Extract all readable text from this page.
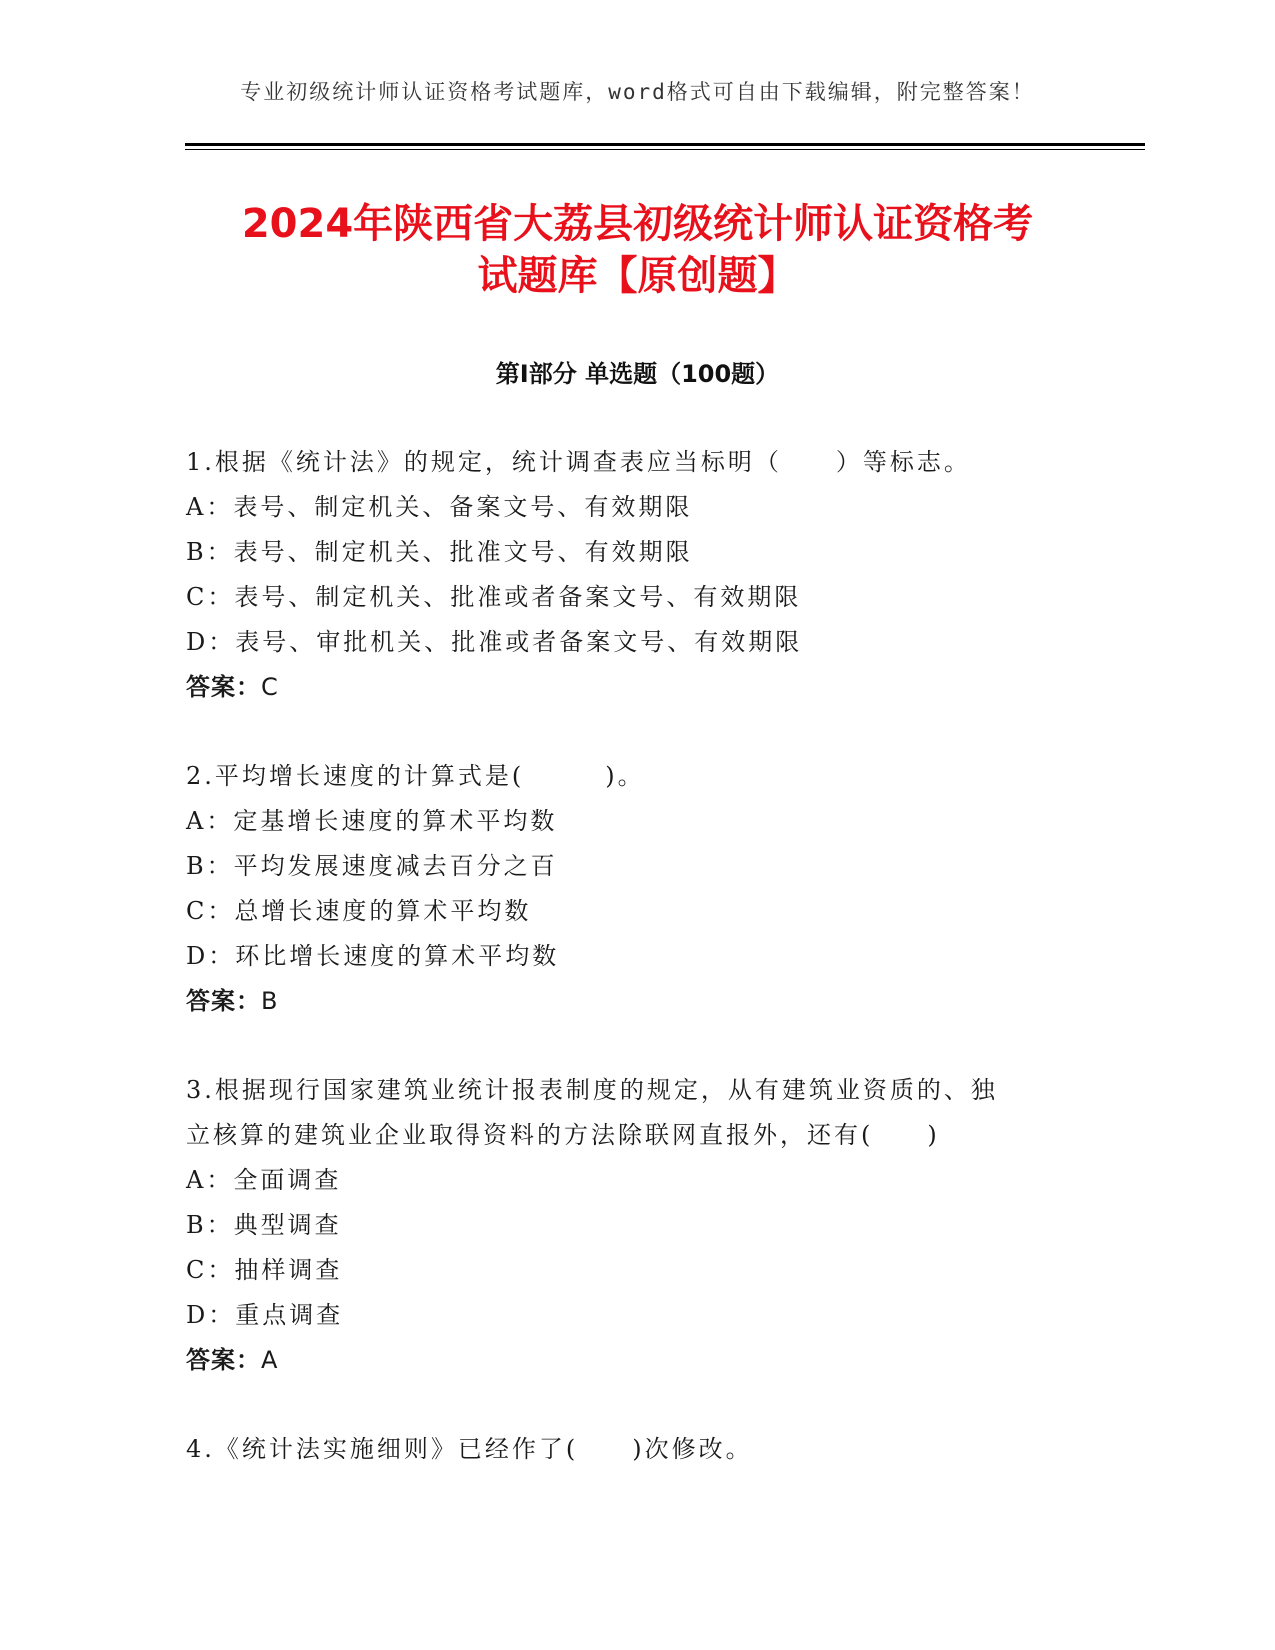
专业初级统计师认证资格考试题库，word格式可自由下载编辑，附完整答案！
2024年陕西省大荔县初级统计师认证资格考
试题库【原创题】
第Ⅰ部分 单选题（100题）
1.根据《统计法》的规定，统计调查表应当标明（　　）等标志。
A：表号、制定机关、备案文号、有效期限
B：表号、制定机关、批准文号、有效期限
C：表号、制定机关、批准或者备案文号、有效期限
D：表号、审批机关、批准或者备案文号、有效期限
答案：C
2.平均增长速度的计算式是(　　　)。
A：定基增长速度的算术平均数
B：平均发展速度减去百分之百
C：总增长速度的算术平均数
D：环比增长速度的算术平均数
答案：B
3.根据现行国家建筑业统计报表制度的规定，从有建筑业资质的、独
立核算的建筑业企业取得资料的方法除联网直报外，还有(　　)
A：全面调查
B：典型调查
C：抽样调查
D：重点调查
答案：A
4.《统计法实施细则》已经作了(　　)次修改。
